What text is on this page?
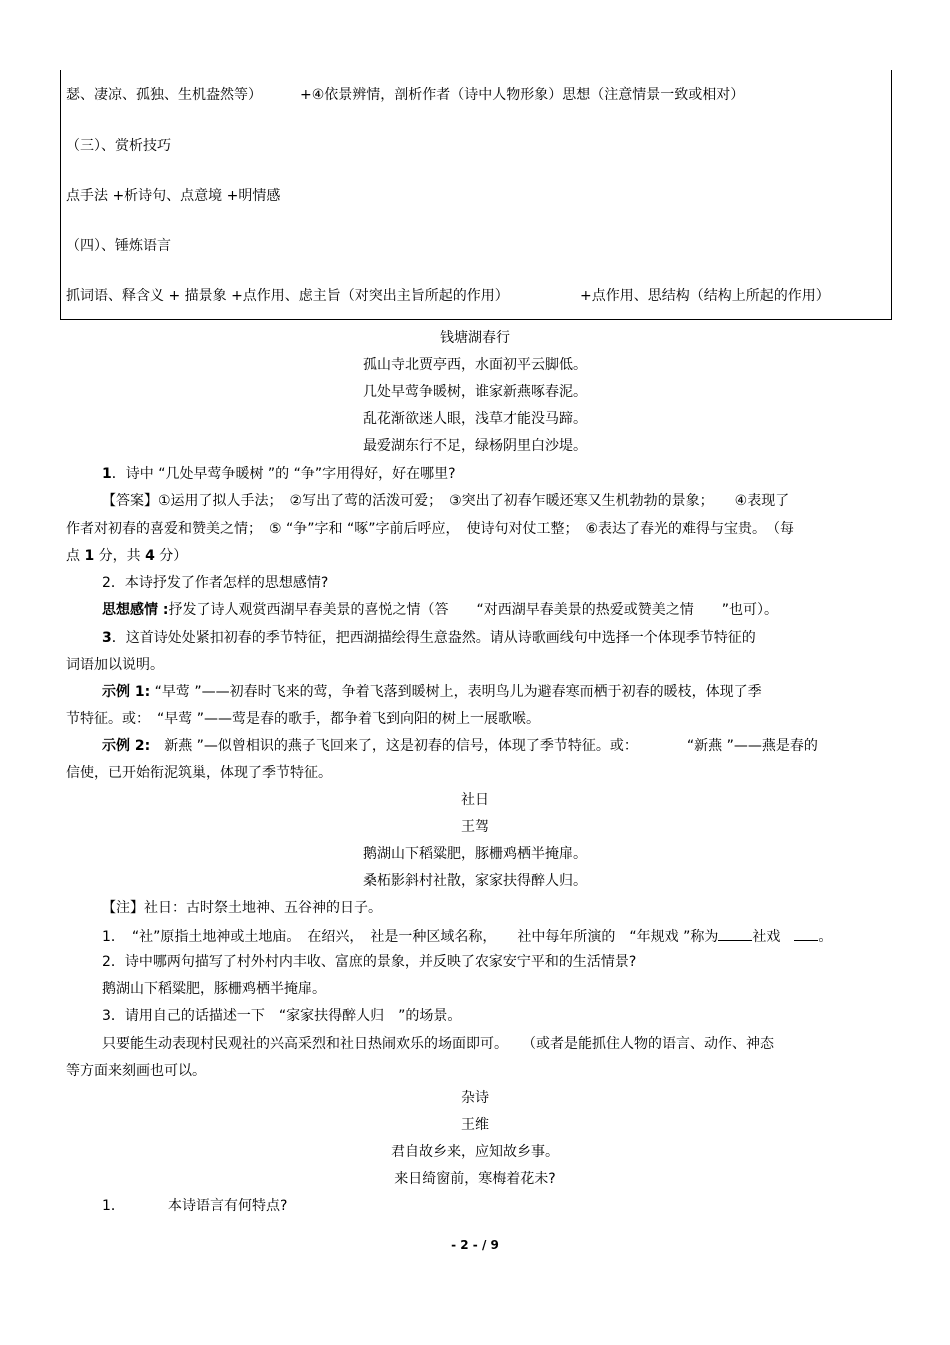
瑟、凄凉、孤独、生机盎然等）	+④依景辨情，剖析作者（诗中人物形象）思想（注意情景一致或相对）
（三）、赏析技巧
点手法 +析诗句、点意境 +明情感
（四）、锤炼语言
抓词语、释含义 + 描景象 +点作用、虑主旨（对突出主旨所起的作用）	+点作用、思结构（结构上所起的作用）
钱塘湖春行
孤山寺北贾亭西，水面初平云脚低。
几处早莺争暖树，谁家新燕啄春泥。
乱花渐欲迷人眼，浅草才能没马蹄。
最爱湖东行不足，绿杨阴里白沙堤。
1．诗中 “几处早莺争暖树 ”的 “争”字用得好，好在哪里?
【答案】①运用了拟人手法；　②写出了莺的活泼可爱；　③突出了初春乍暖还寒又生机勃勃的景象；　　④表现了
作者对初春的喜爱和赞美之情；　⑤ “争”字和 “啄”字前后呼应，　使诗句对仗工整；　⑥表达了春光的难得与宝贵。　（每
点 1 分，共 4 分）
2．本诗抒发了作者怎样的思想感情?
思想感情 :抒发了诗人观赏西湖早春美景的喜悦之情（答　　“对西湖早春美景的热爱或赞美之情　　”也可）。
3．这首诗处处紧扣初春的季节特征，把西湖描绘得生意盎然。请从诗歌画线句中选择一个体现季节特征的
词语加以说明。
示例 1: “早莺 ”——初春时飞来的莺，争着飞落到暖树上，表明鸟儿为避春寒而栖于初春的暖枝，体现了季
节特征。或：　“早莺 ”——莺是春的歌手，都争着飞到向阳的树上一展歌喉。
示例 2:　 新燕 ”—似曾相识的燕子飞回来了，这是初春的信号，体现了季节特征。或：　　　　“新燕 ”——燕是春的
信使，已开始衔泥筑巢，体现了季节特征。
社日
王驾
鹅湖山下稻粱肥，豚栅鸡栖半掩扉。
桑柘影斜村社散，家家扶得醉人归。
【注】社日：古时祭土地神、五谷神的日子。
1．　“社”原指土地神或土地庙。　在绍兴，　社是一种区域名称，　　社中每年所演的　“年规戏 ”称为 社戏　	。
2．诗中哪两句描写了村外村内丰收、富庶的景象，并反映了农家安宁平和的生活情景?
鹅湖山下稻粱肥，豚栅鸡栖半掩扉。
3．请用自己的话描述一下　“家家扶得醉人归　”的场景。
只要能生动表现村民观社的兴高采烈和社日热闹欢乐的场面即可。　　（或者是能抓住人物的语言、动作、神态
等方面来刻画也可以。
杂诗
王维
君自故乡来，应知故乡事。
来日绮窗前，寒梅着花未?
1．	本诗语言有何特点?
- 2 - / 9
